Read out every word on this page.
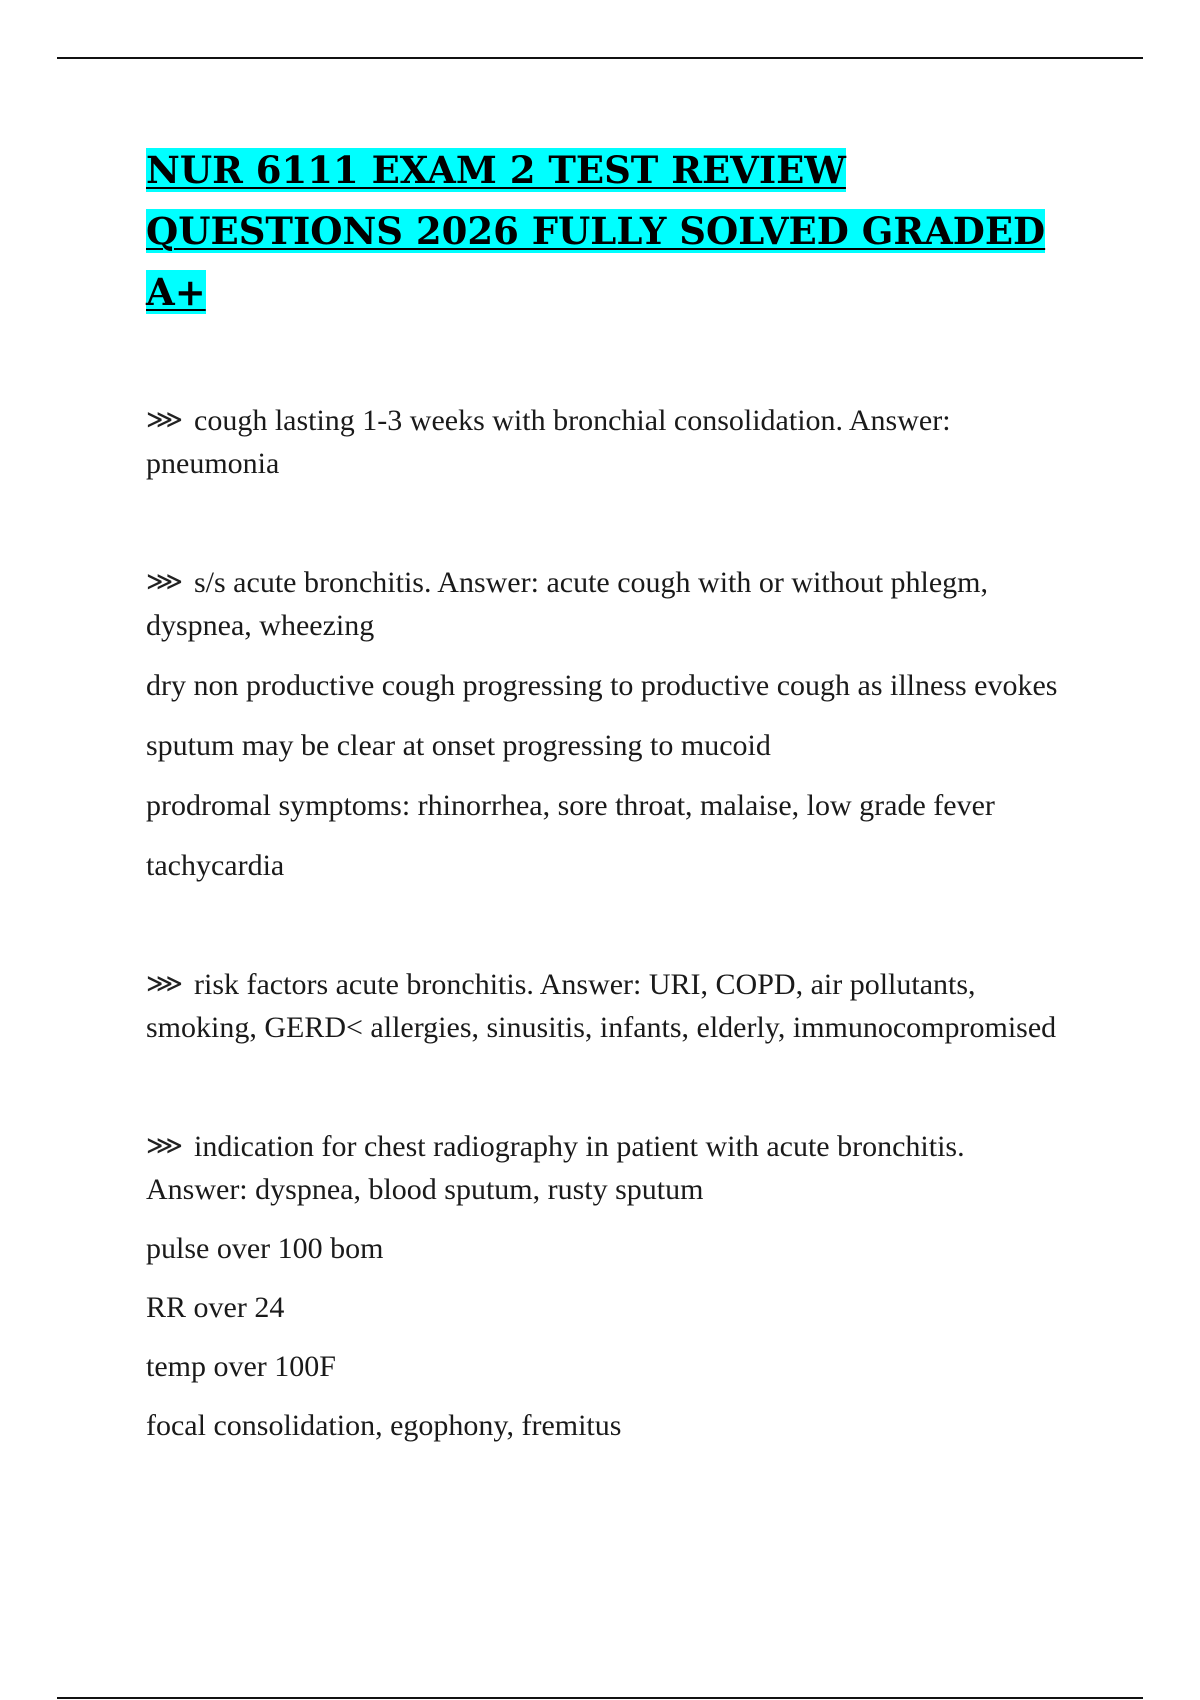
NUR 6111 EXAM 2 TEST REVIEW QUESTIONS 2026 FULLY SOLVED GRADED A+

⋙ cough lasting 1-3 weeks with bronchial consolidation. Answer: pneumonia

⋙ s/s acute bronchitis. Answer: acute cough with or without phlegm, dyspnea, wheezing

dry non productive cough progressing to productive cough as illness evokes

sputum may be clear at onset progressing to mucoid

prodromal symptoms: rhinorrhea, sore throat, malaise, low grade fever

tachycardia

⋙ risk factors acute bronchitis. Answer: URI, COPD, air pollutants, smoking, GERD< allergies, sinusitis, infants, elderly, immunocompromised

⋙ indication for chest radiography in patient with acute bronchitis. Answer: dyspnea, blood sputum, rusty sputum

pulse over 100 bom

RR over 24

temp over 100F

focal consolidation, egophony, fremitus
